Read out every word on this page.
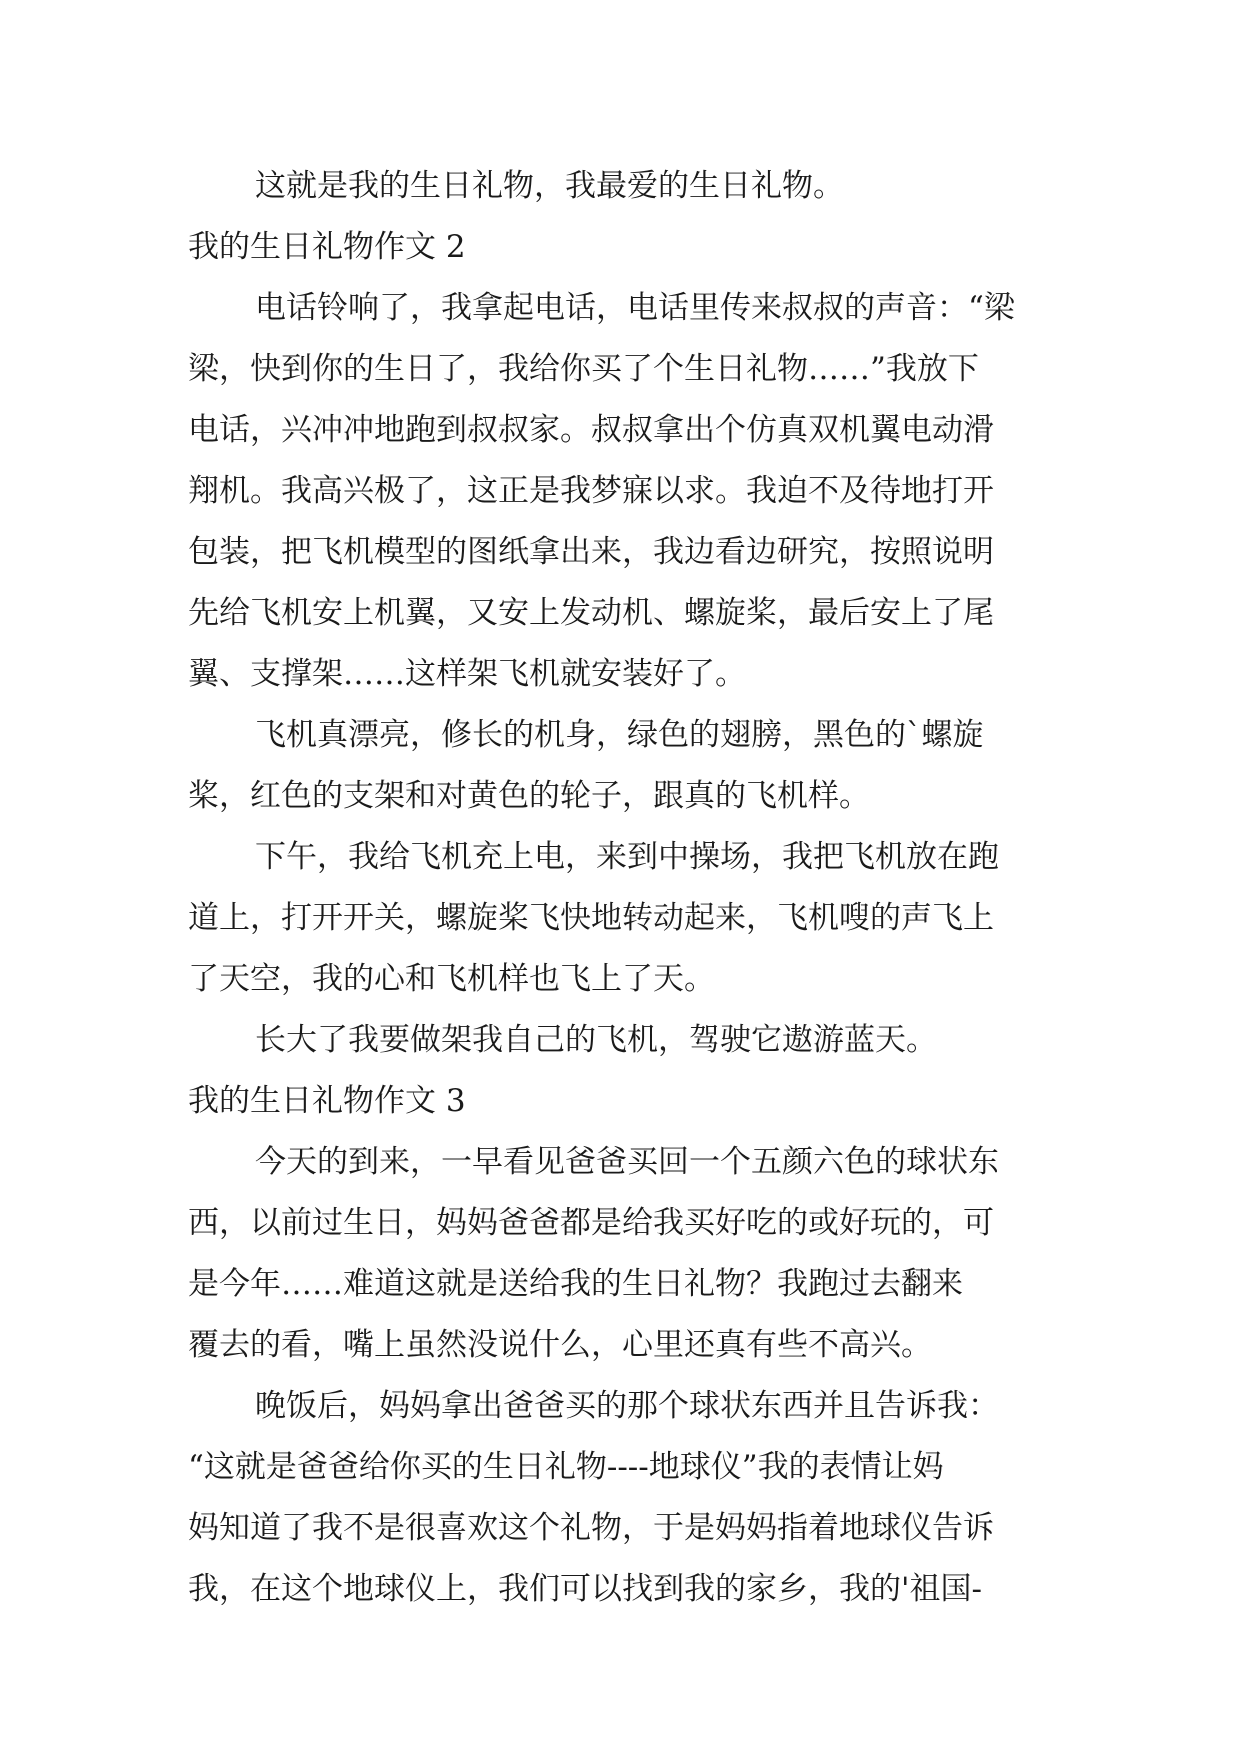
这就是我的生日礼物，我最爱的生日礼物。
我的生日礼物作文 2
电话铃响了，我拿起电话，电话里传来叔叔的声音：“梁
梁，快到你的生日了，我给你买了个生日礼物……”我放下
电话，兴冲冲地跑到叔叔家。叔叔拿出个仿真双机翼电动滑
翔机。我高兴极了，这正是我梦寐以求。我迫不及待地打开
包装，把飞机模型的图纸拿出来，我边看边研究，按照说明
先给飞机安上机翼，又安上发动机、螺旋桨，最后安上了尾
翼、支撑架……这样架飞机就安装好了。
飞机真漂亮，修长的机身，绿色的翅膀，黑色的`螺旋
桨，红色的支架和对黄色的轮子，跟真的飞机样。
下午，我给飞机充上电，来到中操场，我把飞机放在跑
道上，打开开关，螺旋桨飞快地转动起来，飞机嗖的声飞上
了天空，我的心和飞机样也飞上了天。
长大了我要做架我自己的飞机，驾驶它遨游蓝天。
我的生日礼物作文 3
今天的到来，一早看见爸爸买回一个五颜六色的球状东
西，以前过生日，妈妈爸爸都是给我买好吃的或好玩的，可
是今年……难道这就是送给我的生日礼物？我跑过去翻来
覆去的看，嘴上虽然没说什么，心里还真有些不高兴。
晚饭后，妈妈拿出爸爸买的那个球状东西并且告诉我：
“这就是爸爸给你买的生日礼物----地球仪”我的表情让妈
妈知道了我不是很喜欢这个礼物，于是妈妈指着地球仪告诉
我，在这个地球仪上，我们可以找到我的家乡，我的'祖国-
